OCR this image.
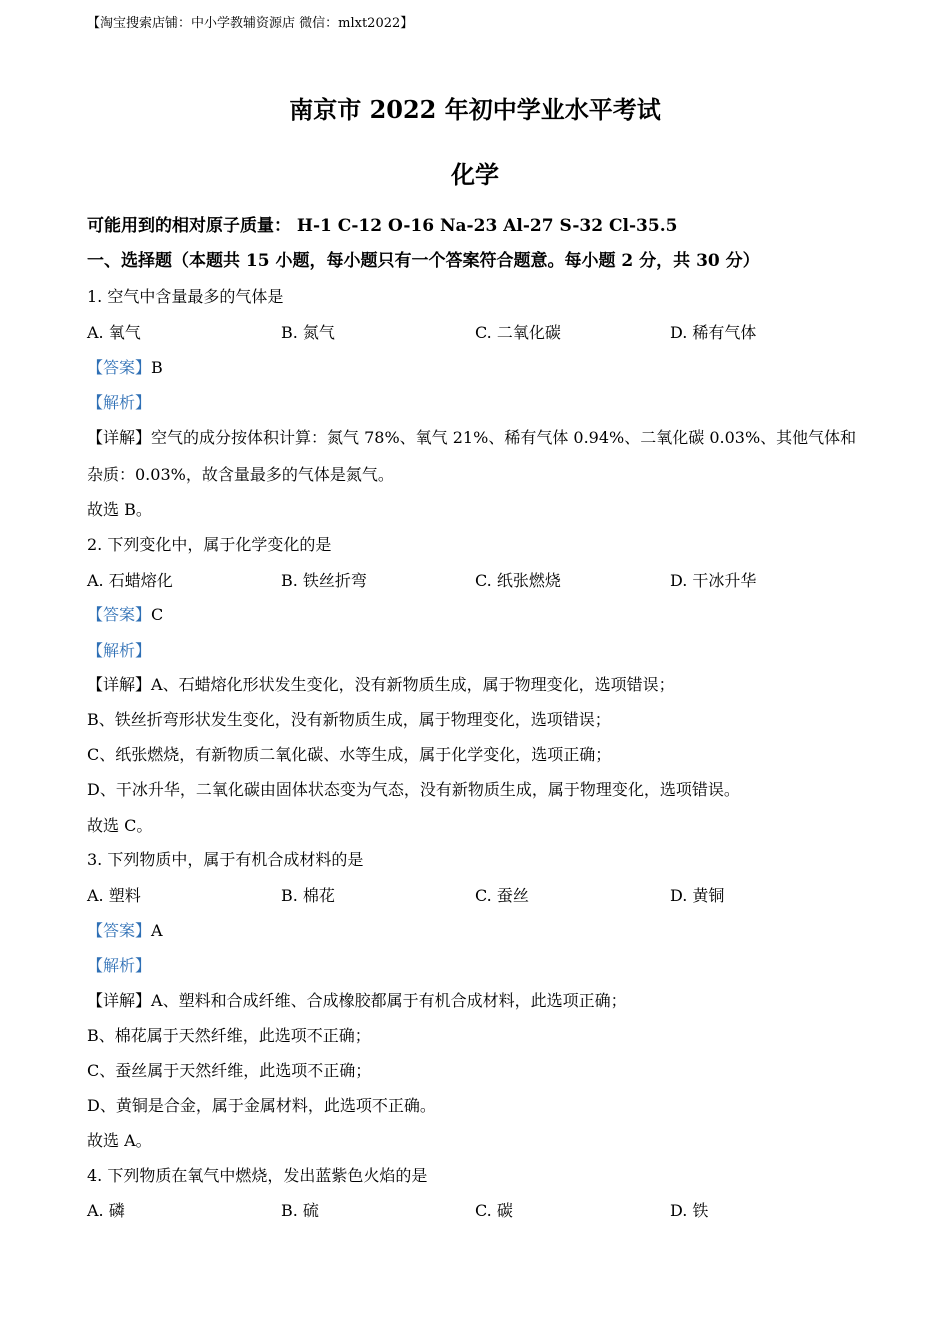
【淘宝搜索店铺：中小学教辅资源店 微信：mlxt2022】
南京市 2022 年初中学业水平考试
化学
可能用到的相对原子质量： H-1 C-12 O-16 Na-23 Al-27 S-32 Cl-35.5
一、选择题（本题共 15 小题，每小题只有一个答案符合题意。每小题 2 分，共 30 分）
1. 空气中含量最多的气体是
A. 氧气	B. 氮气	C. 二氧化碳	D. 稀有气体
【答案】B
【解析】
【详解】空气的成分按体积计算：氮气 78%、氧气 21%、稀有气体 0.94%、二氧化碳 0.03%、其他气体和
杂质：0.03%，故含量最多的气体是氮气。
故选 B。
2. 下列变化中，属于化学变化的是
A. 石蜡熔化	B. 铁丝折弯	C. 纸张燃烧	D. 干冰升华
【答案】C
【解析】
【详解】A、石蜡熔化形状发生变化，没有新物质生成，属于物理变化，选项错误；
B、铁丝折弯形状发生变化，没有新物质生成，属于物理变化，选项错误；
C、纸张燃烧，有新物质二氧化碳、水等生成，属于化学变化，选项正确；
D、干冰升华，二氧化碳由固体状态变为气态，没有新物质生成，属于物理变化，选项错误。
故选 C。
3. 下列物质中，属于有机合成材料的是
A. 塑料	B. 棉花	C. 蚕丝	D. 黄铜
【答案】A
【解析】
【详解】A、塑料和合成纤维、合成橡胶都属于有机合成材料，此选项正确；
B、棉花属于天然纤维，此选项不正确；
C、蚕丝属于天然纤维，此选项不正确；
D、黄铜是合金，属于金属材料，此选项不正确。
故选 A。
4. 下列物质在氧气中燃烧，发出蓝紫色火焰的是
A. 磷	B. 硫	C. 碳	D. 铁
